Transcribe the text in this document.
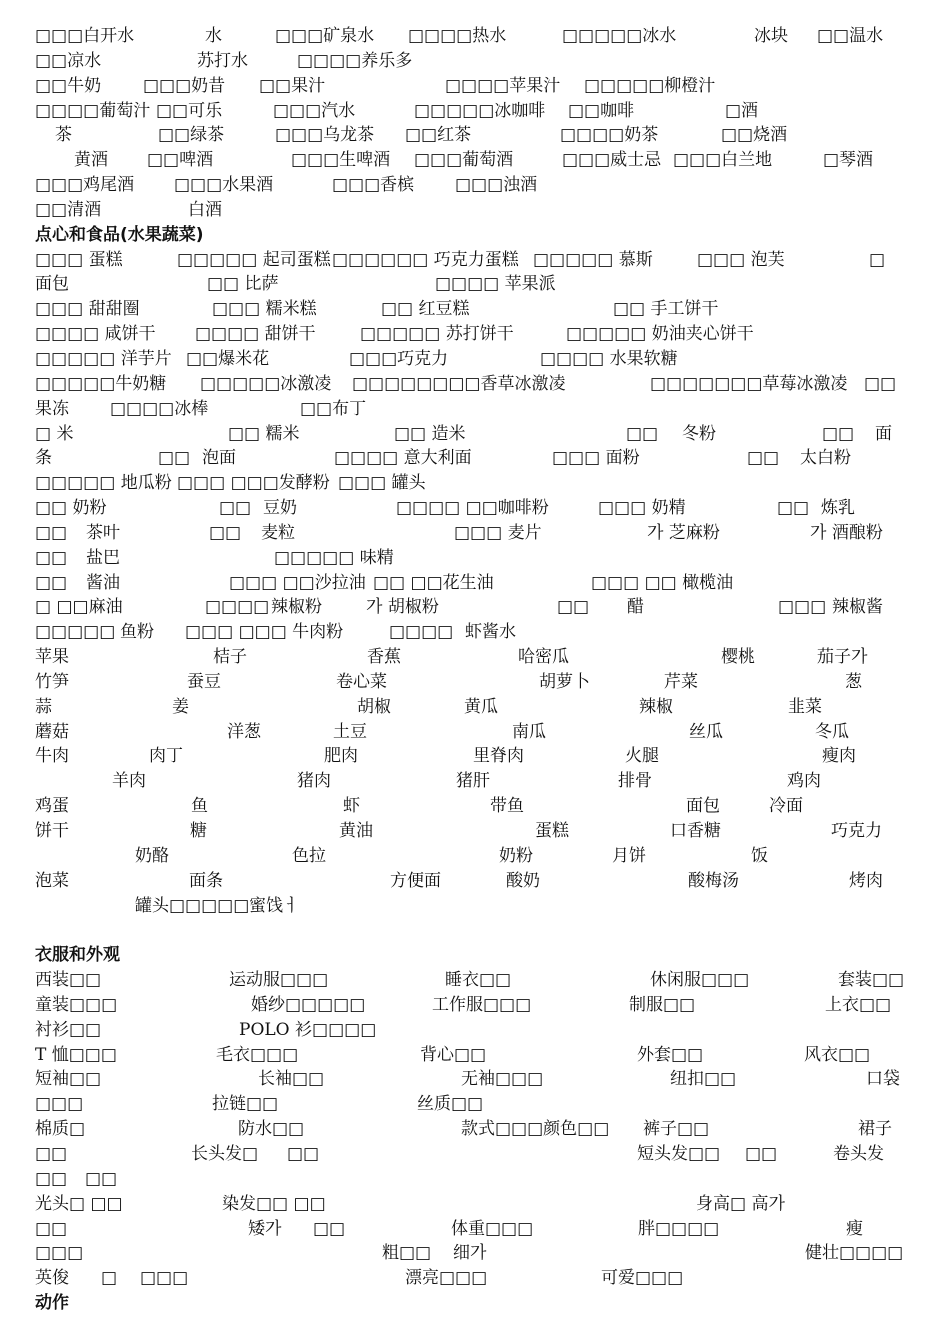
□□□白开水	水	□□□矿泉水 □□□□热水	□□□□□冰水	冰块 □□温水
□□凉水	苏打水	□□□□养乐多
□□牛奶 □□□奶昔 □□果汁	□□□□苹果汁 □□□□□柳橙汁
□□□□葡萄汁 □□可乐	□□□汽水	□□□□□冰咖啡 □□咖啡	□酒
茶	□□绿茶	□□□乌龙茶 □□红茶	□□□□奶茶	□□烧酒
黄酒 □□啤酒	□□□生啤酒 □□□葡萄酒	□□□威士忌 □□□白兰地	□琴酒
□□□鸡尾酒 □□□水果酒	□□□香槟 □□□浊酒
□□清酒	白酒
点心和食品(水果蔬菜)
□□□ 蛋糕	□□□□□ 起司蛋糕 □□□□□□ 巧克力蛋糕 □□□□□ 慕斯	□□□ 泡芙	□
面包	□□ 比萨	□□□□ 苹果派
□□□ 甜甜圈	□□□ 糯米糕	□□ 红豆糕	□□ 手工饼干
□□□□ 咸饼干 □□□□ 甜饼干	□□□□□ 苏打饼干	□□□□□ 奶油夹心饼干
□□□□□ 洋芋片 □□爆米花	□□□巧克力	□□□□ 水果软糖
□□□□□牛奶糖 □□□□□冰激凌 □□□□□□□□香草冰激凌	□□□□□□□草莓冰激凌 □□
果冻 □□□□冰棒	□□布丁
□ 米	□□ 糯米	□□ 造米	□□ 冬粉	□□ 面
条	□□ 泡面	□□□□ 意大利面	□□□ 面粉	□□ 太白粉
□□□□□ 地瓜粉 □□□ □□□发酵粉 □□□ 罐头
□□ 奶粉	□□ 豆奶	□□□□ □□咖啡粉	□□□ 奶精	□□ 炼乳
□□ 茶叶	□□ 麦粒	□□□ 麦片	가 芝麻粉	가 酒酿粉
□□ 盐巴	□□□□□ 味精
□□ 酱油	□□□ □□沙拉油 □□ □□花生油	□□□ □□ 橄榄油
□ □□麻油	□□□□ 辣椒粉	가 胡椒粉	□□ 醋	□□□ 辣椒酱
□□□□□ 鱼粉 □□□ □□□ 牛肉粉	□□□□ 虾酱水
苹果	桔子	香蕉	哈密瓜	樱桃	茄子가
竹笋	蚕豆	卷心菜	胡萝卜	芹菜	葱
蒜	姜	胡椒	黄瓜	辣椒	韭菜
蘑菇	洋葱	土豆	南瓜	丝瓜	冬瓜
牛肉	肉丁	肥肉	里脊肉	火腿	瘦肉
羊肉	猪肉	猪肝	排骨	鸡肉
鸡蛋	鱼	虾	带鱼	面包	冷面
饼干	糖	黄油	蛋糕	口香糖	巧克力
奶酪	色拉	奶粉	月饼	饭
泡菜	面条	方便面	酸奶	酸梅汤	烤肉
罐头□□□□□ 蜜饯ㅓ
衣服和外观
西装□□	运动服□□□	睡衣□□	休闲服□□□	套装□□
童装□□□	婚纱□□□□□	工作服□□□	制服□□	上衣□□
衬衫□□	POLO 衫□□□□
T 恤□□□	毛衣□□□	背心□□	外套□□	风衣□□
短袖□□	长袖□□	无袖□□□	纽扣□□	口袋
□□□	拉链□□	丝质□□
棉质□	防水□□	款式□□□颜色□□ 裤子□□	裙子
□□	长头发□ □□	短头发□□ □□	卷头发
□□ □□
光头□ □□	染发□□ □□	身高□ 高가
□□	矮가 □□	体重□□□	胖□□□□	瘦
□□□	粗□□ 细가	健壮□□□□
英俊 □ □□□	漂亮□□□	可爱□□□
动作
